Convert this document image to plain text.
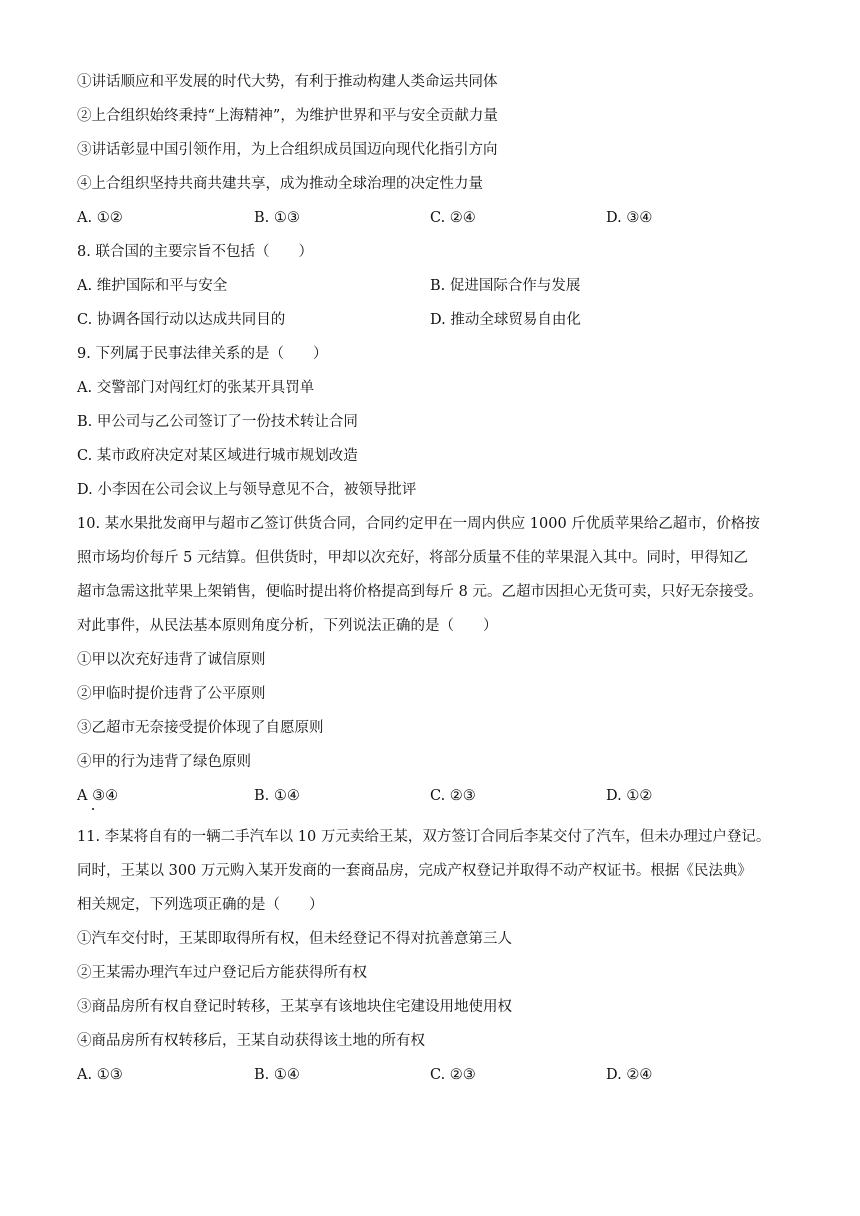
①讲话顺应和平发展的时代大势，有利于推动构建人类命运共同体
②上合组织始终秉持“上海精神”，为维护世界和平与安全贡献力量
③讲话彰显中国引领作用，为上合组织成员国迈向现代化指引方向
④上合组织坚持共商共建共享，成为推动全球治理的决定性力量
A. ①②	B. ①③	C. ②④	D. ③④
8. 联合国的主要宗旨不包括（　　）
A. 维护国际和平与安全	B. 促进国际合作与发展
C. 协调各国行动以达成共同目的	D. 推动全球贸易自由化
9. 下列属于民事法律关系的是（　　）
A. 交警部门对闯红灯的张某开具罚单
B. 甲公司与乙公司签订了一份技术转让合同
C. 某市政府决定对某区域进行城市规划改造
D. 小李因在公司会议上与领导意见不合，被领导批评
10. 某水果批发商甲与超市乙签订供货合同，合同约定甲在一周内供应 1000 斤优质苹果给乙超市，价格按
照市场均价每斤 5 元结算。但供货时，甲却以次充好，将部分质量不佳的苹果混入其中。同时，甲得知乙
超市急需这批苹果上架销售，便临时提出将价格提高到每斤 8 元。乙超市因担心无货可卖，只好无奈接受。
对此事件，从民法基本原则角度分析，下列说法正确的是（　　）
①甲以次充好违背了诚信原则
②甲临时提价违背了公平原则
③乙超市无奈接受提价体现了自愿原则
④甲的行为违背了绿色原则
A ③④	B. ①④	C. ②③	D. ①②
11. 李某将自有的一辆二手汽车以 10 万元卖给王某，双方签订合同后李某交付了汽车，但未办理过户登记。
同时，王某以 300 万元购入某开发商的一套商品房，完成产权登记并取得不动产权证书。根据《民法典》
相关规定，下列选项正确的是（　　）
①汽车交付时，王某即取得所有权，但未经登记不得对抗善意第三人
②王某需办理汽车过户登记后方能获得所有权
③商品房所有权自登记时转移，王某享有该地块住宅建设用地使用权
④商品房所有权转移后，王某自动获得该土地的所有权
A. ①③	B. ①④	C. ②③	D. ②④
